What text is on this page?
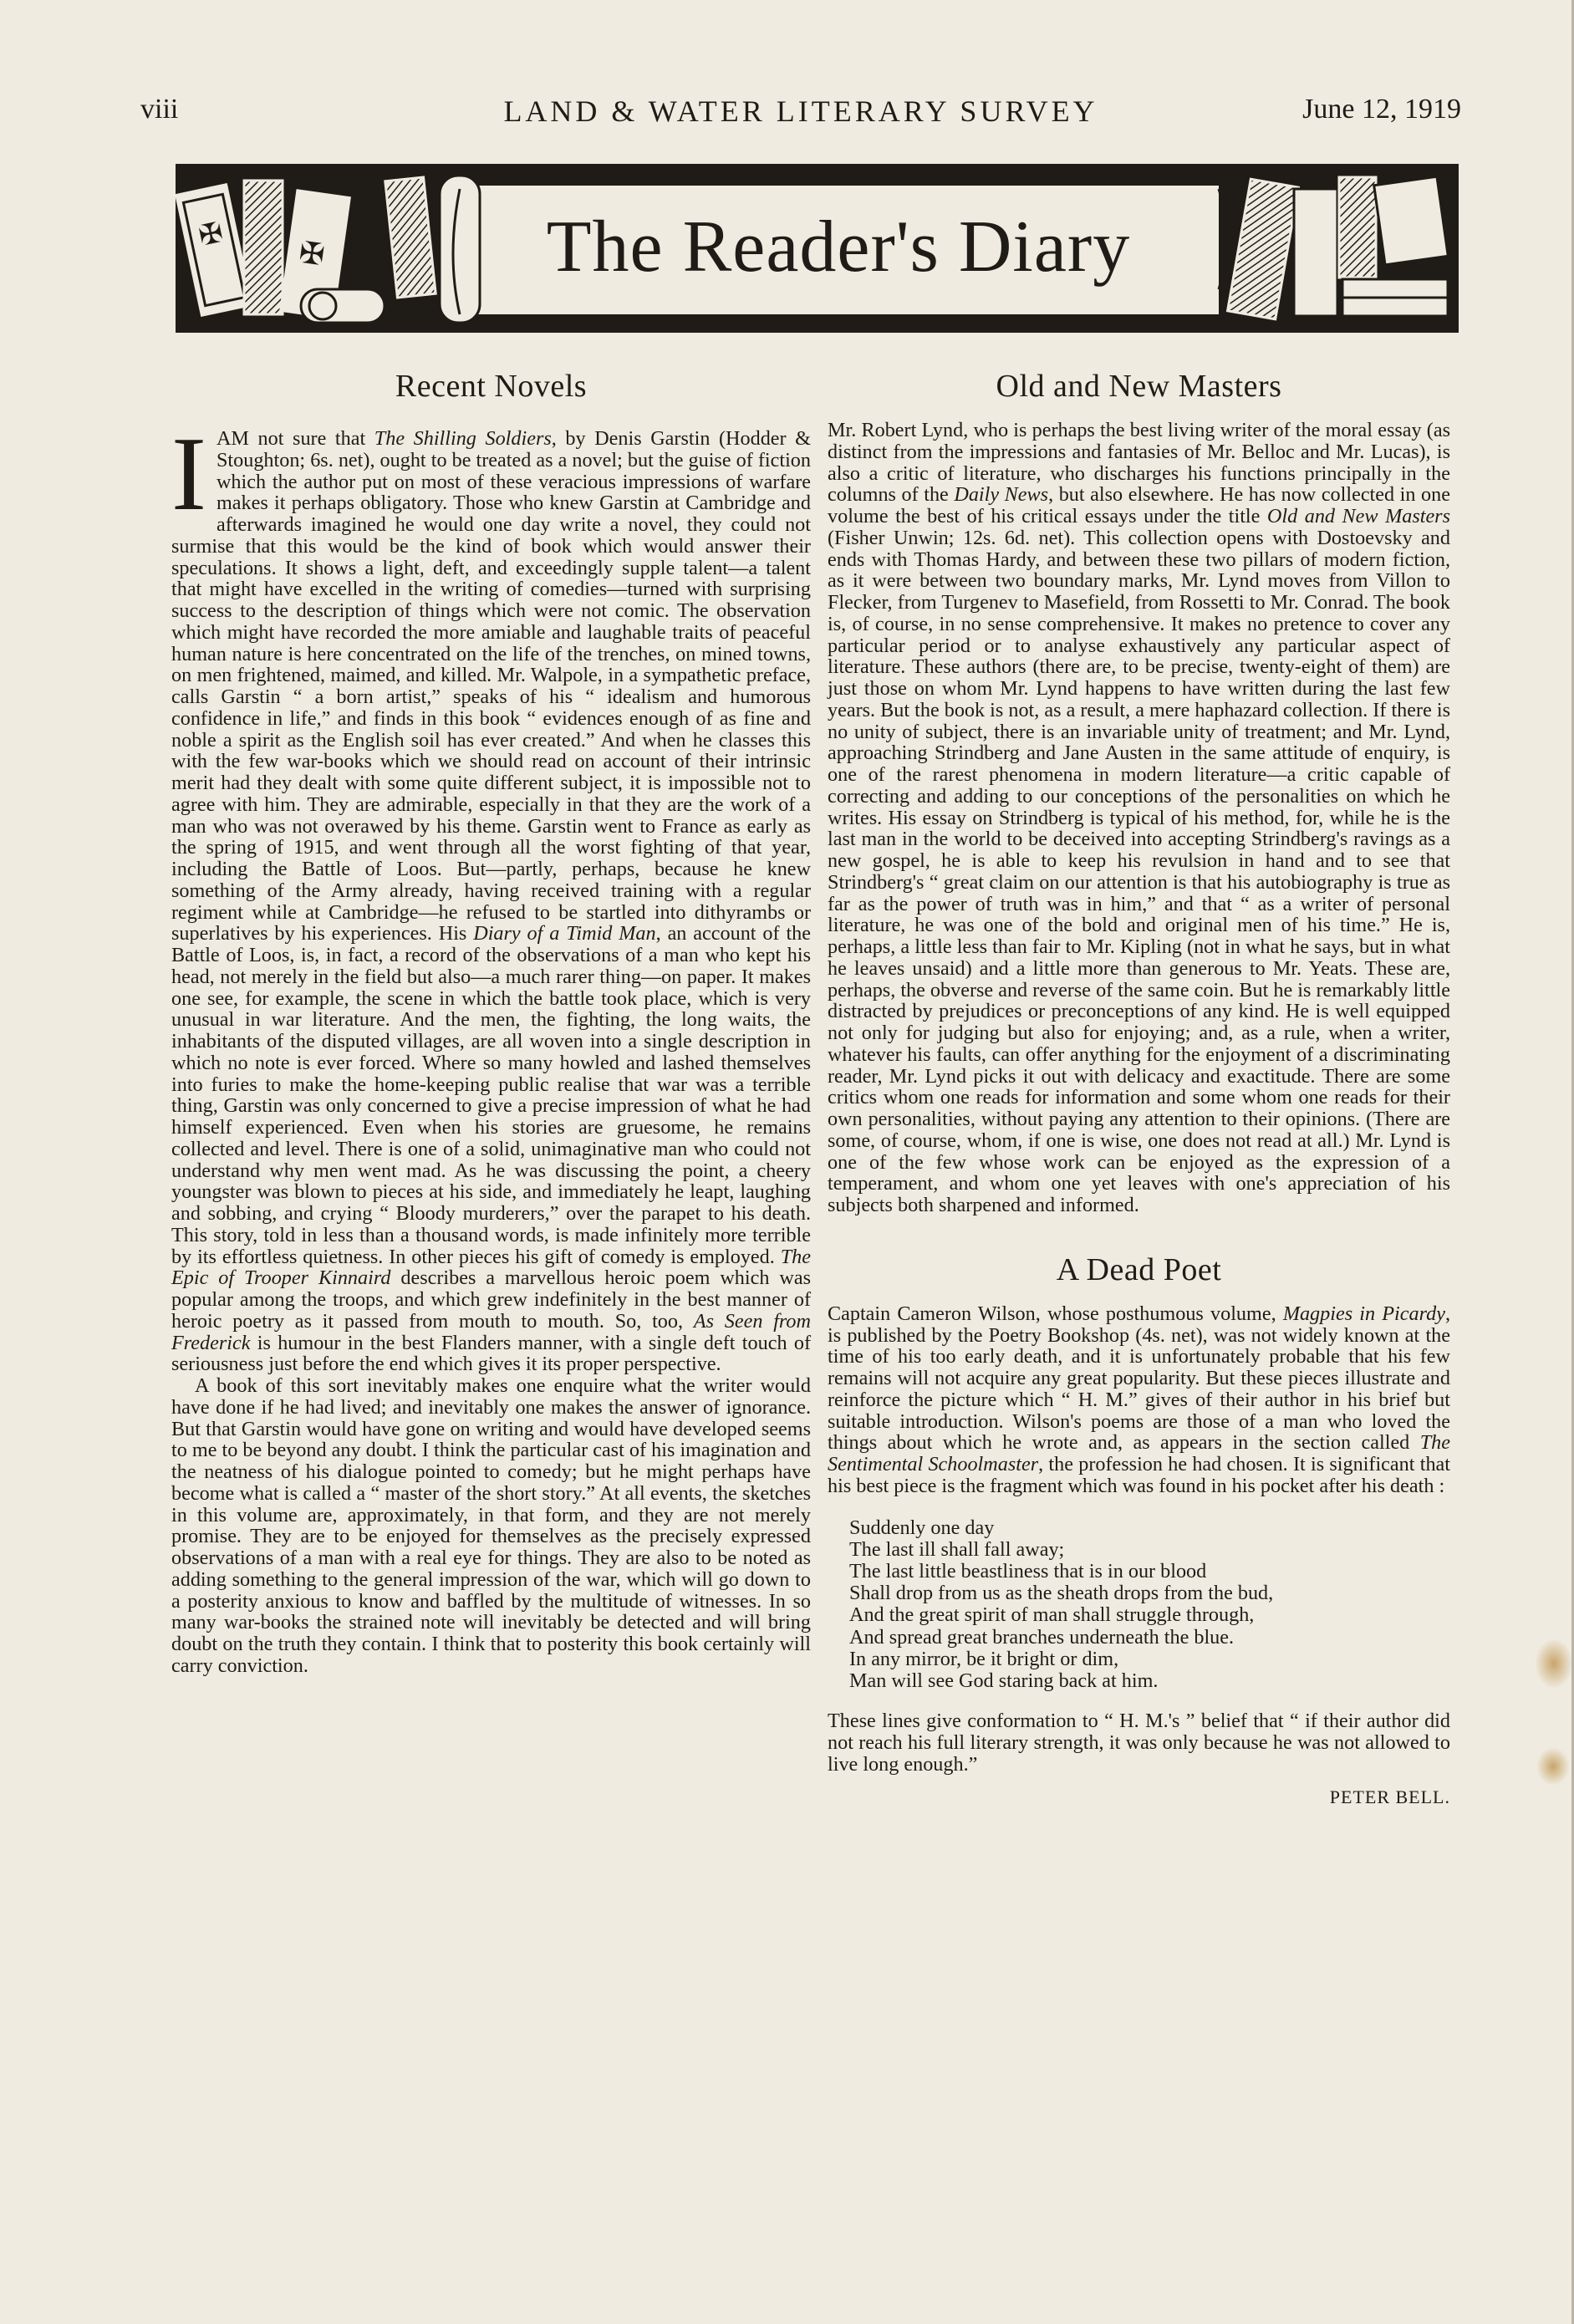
viii	LAND & WATER LITERARY SURVEY	June 12, 1919
✠
✠	The Reader's Diary
Recent Novels

IAM not sure that The Shilling Soldiers, by Denis Garstin (Hodder & Stoughton; 6s. net), ought to be treated as a novel; but the guise of fiction which the author put on most of these veracious impressions of warfare makes it perhaps obligatory. Those who knew Garstin at Cambridge and afterwards imagined he would one day write a novel, they could not surmise that this would be the kind of book which would answer their speculations. It shows a light, deft, and exceedingly supple talent—a talent that might have excelled in the writing of comedies—turned with surprising success to the description of things which were not comic. The observation which might have recorded the more amiable and laughable traits of peaceful human nature is here concentrated on the life of the trenches, on mined towns, on men frightened, maimed, and killed. Mr. Walpole, in a sympathetic preface, calls Garstin “ a born artist,” speaks of his “ idealism and humorous confidence in life,” and finds in this book “ evidences enough of as fine and noble a spirit as the English soil has ever created.” And when he classes this with the few war-books which we should read on account of their intrinsic merit had they dealt with some quite different subject, it is impossible not to agree with him. They are admirable, especially in that they are the work of a man who was not overawed by his theme. Garstin went to France as early as the spring of 1915, and went through all the worst fighting of that year, including the Battle of Loos. But—partly, perhaps, because he knew something of the Army already, having received training with a regular regiment while at Cambridge—he refused to be startled into dithyrambs or superlatives by his experiences. His Diary of a Timid Man, an account of the Battle of Loos, is, in fact, a record of the observations of a man who kept his head, not merely in the field but also—a much rarer thing—on paper. It makes one see, for example, the scene in which the battle took place, which is very unusual in war literature. And the men, the fighting, the long waits, the inhabitants of the disputed villages, are all woven into a single description in which no note is ever forced. Where so many howled and lashed themselves into furies to make the home-keeping public realise that war was a terrible thing, Garstin was only concerned to give a precise impression of what he had himself experienced. Even when his stories are gruesome, he remains collected and level. There is one of a solid, unimaginative man who could not understand why men went mad. As he was discussing the point, a cheery youngster was blown to pieces at his side, and immediately he leapt, laughing and sobbing, and crying “ Bloody murderers,” over the parapet to his death. This story, told in less than a thousand words, is made infinitely more terrible by its effortless quietness. In other pieces his gift of comedy is employed. The Epic of Trooper Kinnaird describes a marvellous heroic poem which was popular among the troops, and which grew indefinitely in the best manner of heroic poetry as it passed from mouth to mouth. So, too, As Seen from Frederick is humour in the best Flanders manner, with a single deft touch of seriousness just before the end which gives it its proper perspective.

A book of this sort inevitably makes one enquire what the writer would have done if he had lived; and inevitably one makes the answer of ignorance. But that Garstin would have gone on writing and would have developed seems to me to be beyond any doubt. I think the particular cast of his imagination and the neatness of his dialogue pointed to comedy; but he might perhaps have become what is called a “ master of the short story.” At all events, the sketches in this volume are, approximately, in that form, and they are not merely promise. They are to be enjoyed for themselves as the precisely expressed observations of a man with a real eye for things. They are also to be noted as adding something to the general impression of the war, which will go down to a posterity anxious to know and baffled by the multitude of witnesses. In so many war-books the strained note will inevitably be detected and will bring doubt on the truth they contain. I think that to posterity this book certainly will carry conviction.

Old and New Masters

Mr. Robert Lynd, who is perhaps the best living writer of the moral essay (as distinct from the impressions and fantasies of Mr. Belloc and Mr. Lucas), is also a critic of literature, who discharges his functions principally in the columns of the Daily News, but also elsewhere. He has now collected in one volume the best of his critical essays under the title Old and New Masters (Fisher Unwin; 12s. 6d. net). This collection opens with Dostoevsky and ends with Thomas Hardy, and between these two pillars of modern fiction, as it were between two boundary marks, Mr. Lynd moves from Villon to Flecker, from Turgenev to Masefield, from Rossetti to Mr. Conrad. The book is, of course, in no sense comprehensive. It makes no pretence to cover any particular period or to analyse exhaustively any particular aspect of literature. These authors (there are, to be precise, twenty-eight of them) are just those on whom Mr. Lynd happens to have written during the last few years. But the book is not, as a result, a mere haphazard collection. If there is no unity of subject, there is an invariable unity of treatment; and Mr. Lynd, approaching Strindberg and Jane Austen in the same attitude of enquiry, is one of the rarest phenomena in modern literature—a critic capable of correcting and adding to our conceptions of the personalities on which he writes. His essay on Strindberg is typical of his method, for, while he is the last man in the world to be deceived into accepting Strindberg's ravings as a new gospel, he is able to keep his revulsion in hand and to see that Strindberg's “ great claim on our attention is that his autobiography is true as far as the power of truth was in him,” and that “ as a writer of personal literature, he was one of the bold and original men of his time.” He is, perhaps, a little less than fair to Mr. Kipling (not in what he says, but in what he leaves unsaid) and a little more than generous to Mr. Yeats. These are, perhaps, the obverse and reverse of the same coin. But he is remarkably little distracted by prejudices or preconceptions of any kind. He is well equipped not only for judging but also for enjoying; and, as a rule, when a writer, whatever his faults, can offer anything for the enjoyment of a discriminating reader, Mr. Lynd picks it out with delicacy and exactitude. There are some critics whom one reads for information and some whom one reads for their own personalities, without paying any attention to their opinions. (There are some, of course, whom, if one is wise, one does not read at all.) Mr. Lynd is one of the few whose work can be enjoyed as the expression of a temperament, and whom one yet leaves with one's appreciation of his subjects both sharpened and informed.

A Dead Poet

Captain Cameron Wilson, whose posthumous volume, Magpies in Picardy, is published by the Poetry Bookshop (4s. net), was not widely known at the time of his too early death, and it is unfortunately probable that his few remains will not acquire any great popularity. But these pieces illustrate and reinforce the picture which “ H. M.” gives of their author in his brief but suitable introduction. Wilson's poems are those of a man who loved the things about which he wrote and, as appears in the section called The Sentimental Schoolmaster, the profession he had chosen. It is significant that his best piece is the fragment which was found in his pocket after his death :

Suddenly one day
The last ill shall fall away;
The last little beastliness that is in our blood
Shall drop from us as the sheath drops from the bud,
And the great spirit of man shall struggle through,
And spread great branches underneath the blue.
In any mirror, be it bright or dim,
Man will see God staring back at him.

These lines give conformation to “ H. M.'s ” belief that “ if their author did not reach his full literary strength, it was only because he was not allowed to live long enough.”

PETER BELL.
